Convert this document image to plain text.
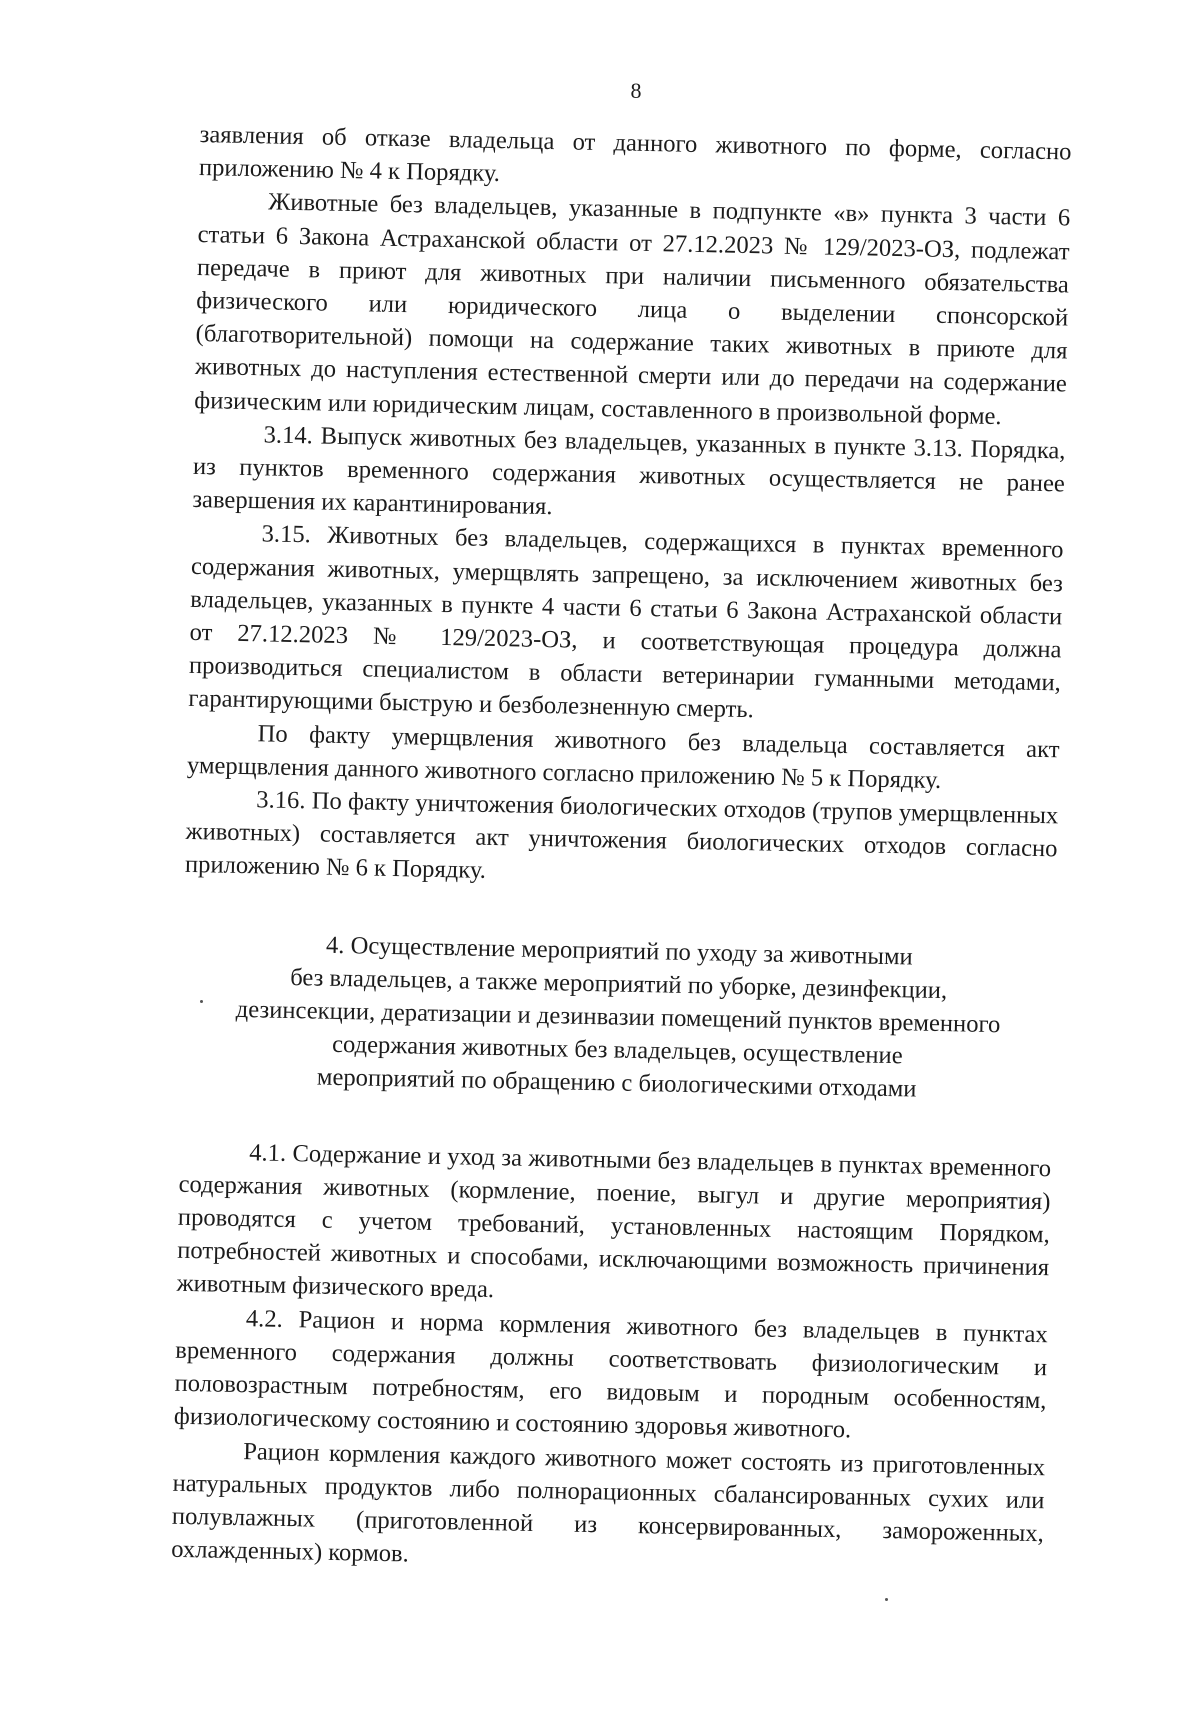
8

заявления об отказе владельца от данного животного по форме, согласно приложению № 4 к Порядку.

Животные без владельцев, указанные в подпункте «в» пункта 3 части 6 статьи 6 Закона Астраханской области от 27.12.2023 № 129/2023-ОЗ, подлежат передаче в приют для животных при наличии письменного обязательства физического или юридического лица о выделении спонсорской (благотворительной) помощи на содержание таких животных в приюте для животных до наступления естественной смерти или до передачи на содержание физическим или юридическим лицам, составленного в произвольной форме.

3.14. Выпуск животных без владельцев, указанных в пункте 3.13. Порядка, из пунктов временного содержания животных осуществляется не ранее завершения их карантинирования.

3.15. Животных без владельцев, содержащихся в пунктах временного содержания животных, умерщвлять запрещено, за исключением животных без владельцев, указанных в пункте 4 части 6 статьи 6 Закона Астраханской области от 27.12.2023 № 129/2023-ОЗ, и соответствующая процедура должна производиться специалистом в области ветеринарии гуманными методами, гарантирующими быструю и безболезненную смерть.

По факту умерщвления животного без владельца составляется акт умерщвления данного животного согласно приложению № 5 к Порядку.

3.16. По факту уничтожения биологических отходов (трупов умерщвленных животных) составляется акт уничтожения биологических отходов согласно приложению № 6 к Порядку.

4. Осуществление мероприятий по уходу за животными
без владельцев, а также мероприятий по уборке, дезинфекции,
дезинсекции, дератизации и дезинвазии помещений пунктов временного
содержания животных без владельцев, осуществление
мероприятий по обращению с биологическими отходами

4.1. Содержание и уход за животными без владельцев в пунктах временного содержания животных (кормление, поение, выгул и другие мероприятия) проводятся с учетом требований, установленных настоящим Порядком, потребностей животных и способами, исключающими возможность причинения животным физического вреда.

4.2. Рацион и норма кормления животного без владельцев в пунктах временного содержания должны соответствовать физиологическим и половозрастным потребностям, его видовым и породным особенностям, физиологическому состоянию и состоянию здоровья животного.

Рацион кормления каждого животного может состоять из приготовленных натуральных продуктов либо полнорационных сбалансированных сухих или полувлажных (приготовленной из консервированных, замороженных, охлажденных) кормов.
